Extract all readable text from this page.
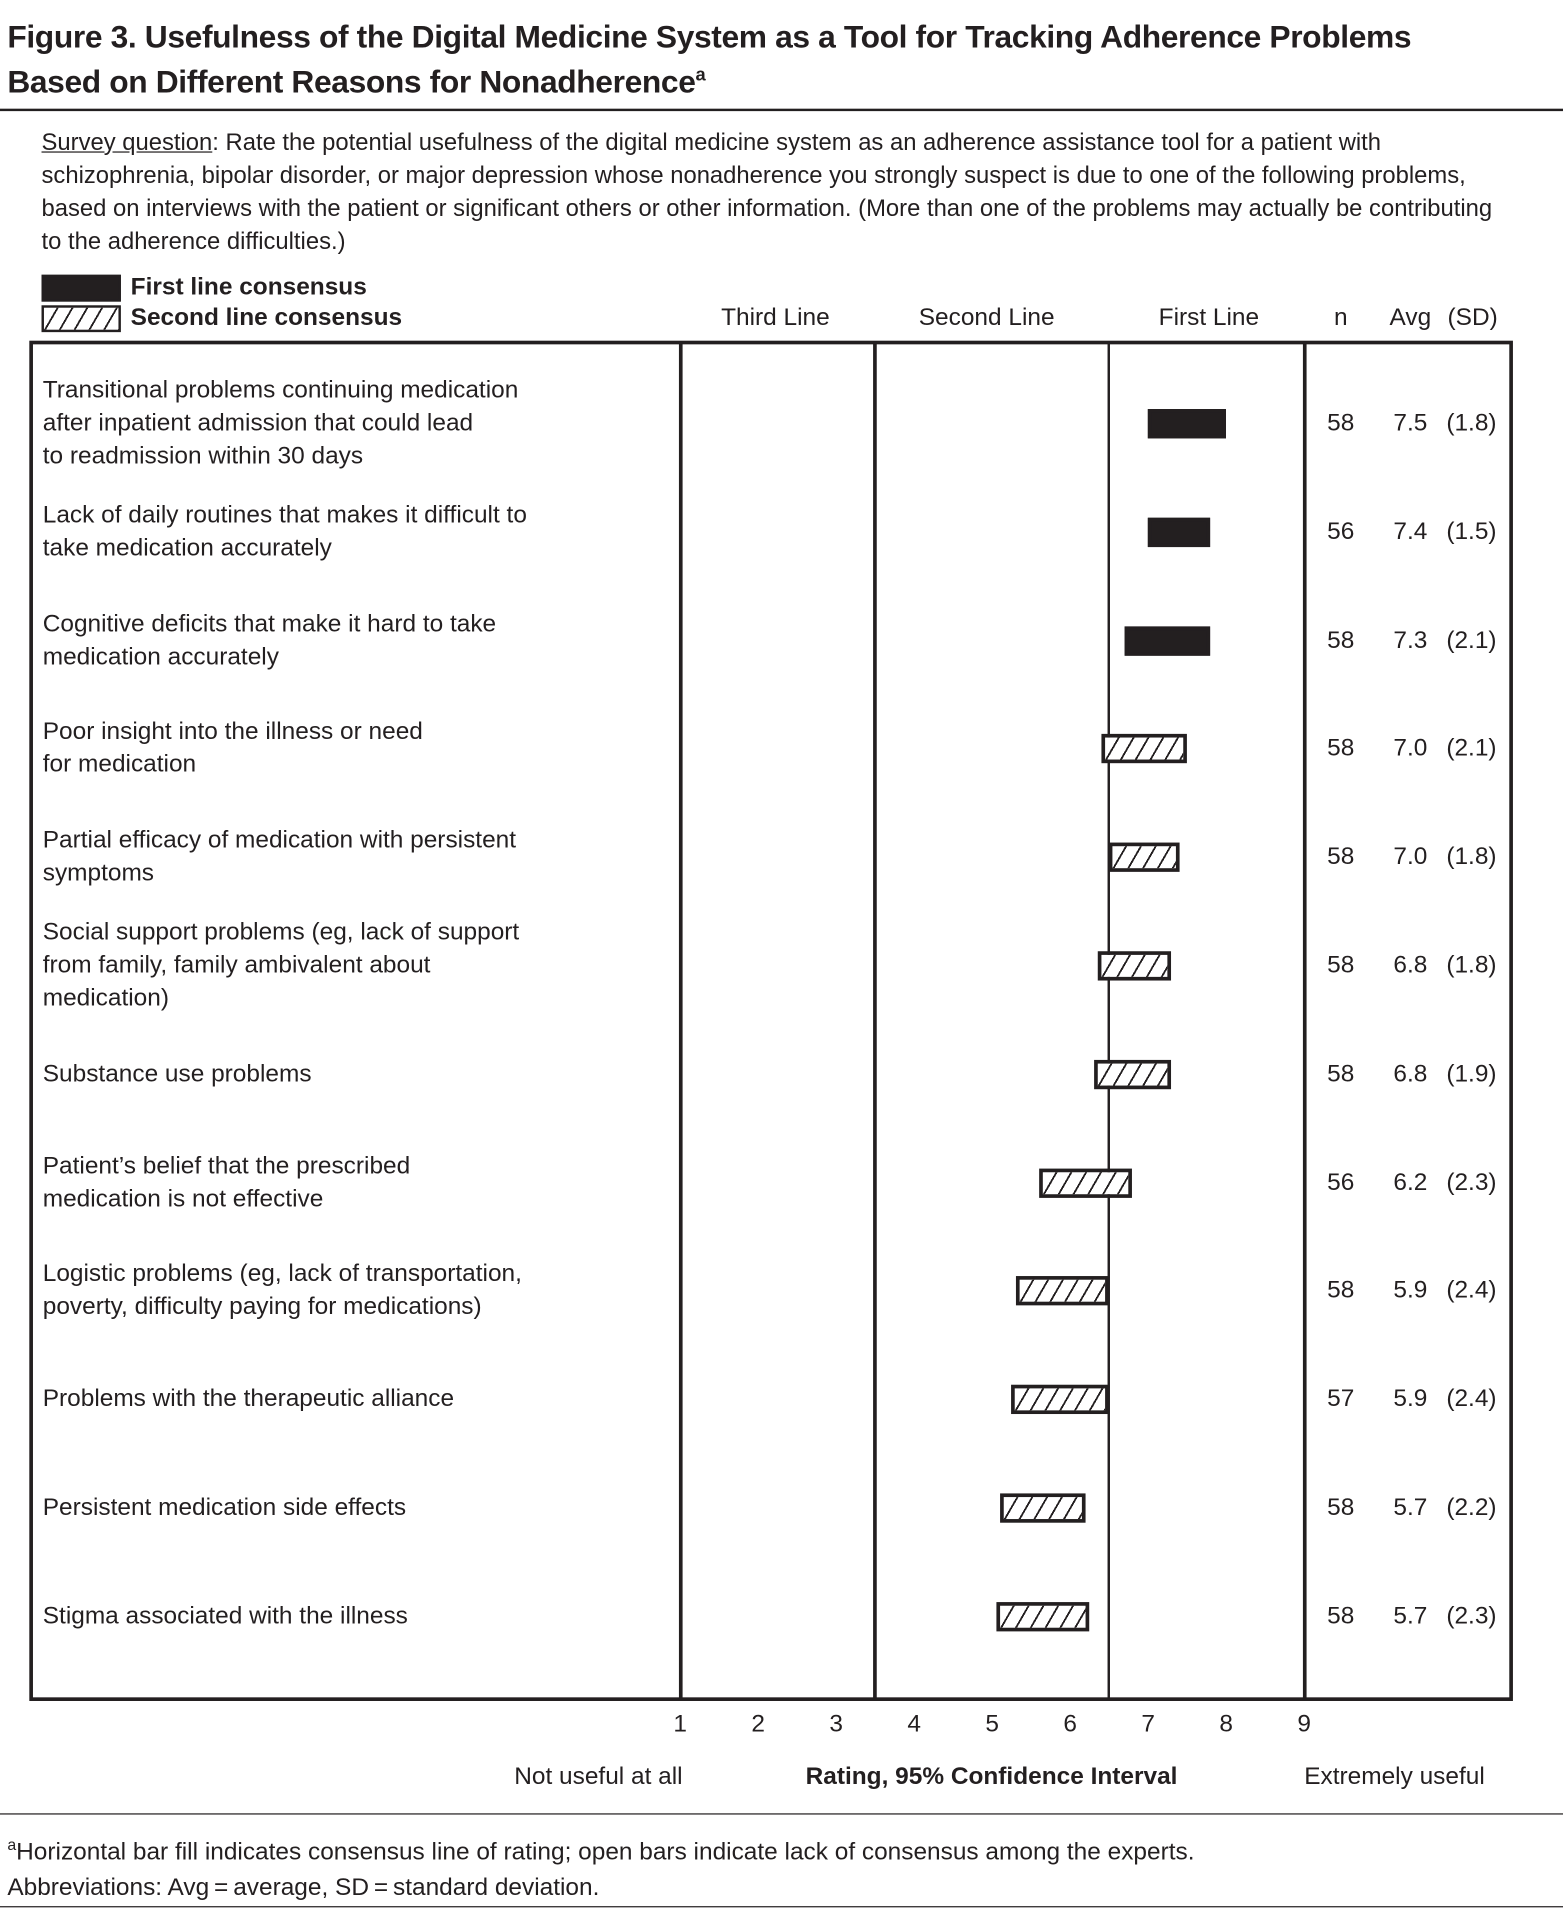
Figure 3. Usefulness of the Digital Medicine System as a Tool for Tracking Adherence Problems
Based on Different Reasons for Nonadherence$^a$
Survey question: Rate the potential usefulness of the digital medicine system as an adherence assistance tool for a patient with schizophrenia, bipolar disorder, or major depression whose nonadherence you strongly suspect is due to one of the following problems, based on interviews with the patient or significant others or other information. (More than one of the problems may actually be contributing to the adherence difficulties.)
First line consensus
Second line consensus	Third Line	Second Line	First Line	n Avg (SD)
Not useful at all	Rating, 95% Confidence Interval	Extremely useful
$^a$Horizontal bar fill indicates consensus line of rating; open bars indicate lack of consensus among the experts.
Abbreviations: Avg = average, SD = standard deviation.
1	2	3	4	5	6	7	8	9
Transitional problems continuing medication
after inpatient admission that could lead
to readmission within 30 days
58 7.5 (1.8)
Lack of daily routines that makes it difficult to
take medication accurately
56 7.4 (1.5)
Cognitive deficits that make it hard to take
medication accurately
58 7.3 (2.1)
Poor insight into the illness or need
for medication
58 7.0 (2.1)
Partial efficacy of medication with persistent
symptoms
58 7.0 (1.8)
Social support problems (eg, lack of support
from family, family ambivalent about
medication)
58 6.8 (1.8)
Substance use problems	58 6.8 (1.9)
Patient’s belief that the prescribed
medication is not effective
56 6.2 (2.3)
Logistic problems (eg, lack of transportation,
poverty, difficulty paying for medications)
58 5.9 (2.4)
Problems with the therapeutic alliance	57 5.9 (2.4)
Persistent medication side effects	58 5.7 (2.2)
Stigma associated with the illness	58 5.7 (2.3)
